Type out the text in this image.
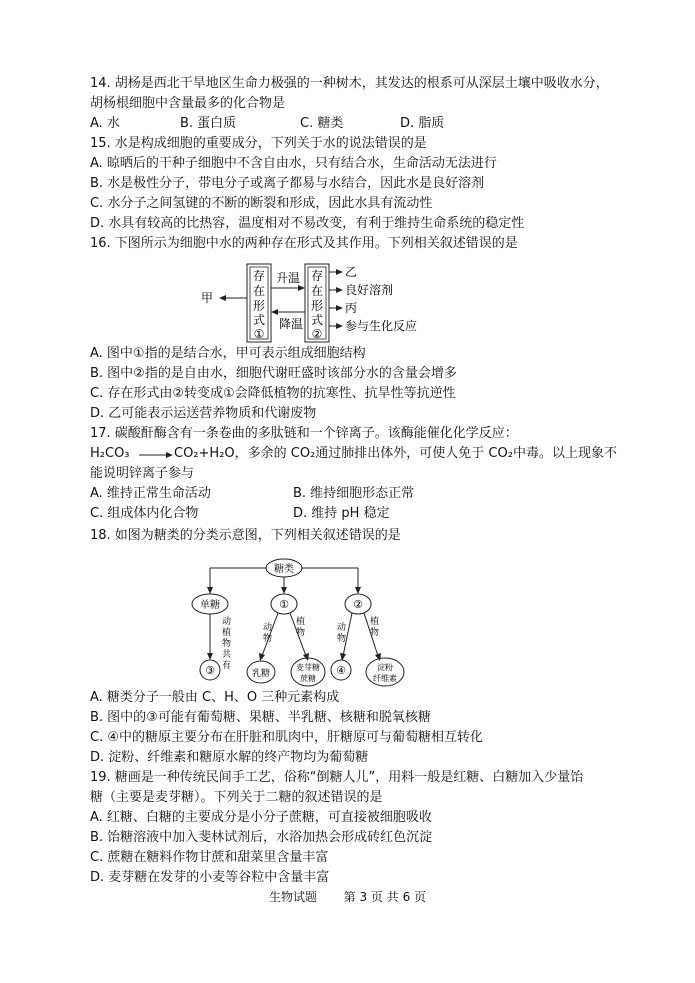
14. 胡杨是西北干旱地区生命力极强的一种树木，其发达的根系可从深层土壤中吸收水分，
胡杨根细胞中含量最多的化合物是
A. 水	B. 蛋白质	C. 糖类	D. 脂质
15. 水是构成细胞的重要成分，下列关于水的说法错误的是
A. 晾晒后的干种子细胞中不含自由水，只有结合水，生命活动无法进行
B. 水是极性分子，带电分子或离子都易与水结合，因此水是良好溶剂
C. 水分子之间氢键的不断的断裂和形成，因此水具有流动性
D. 水具有较高的比热容，温度相对不易改变，有利于维持生命系统的稳定性
16. 下图所示为细胞中水的两种存在形式及其作用。下列相关叙述错误的是
存
在
形
式
①
存
在
形
式
②
升温
降温
甲
乙
良好溶剂
丙
参与生化反应
A. 图中①指的是结合水，甲可表示组成细胞结构
B. 图中②指的是自由水，细胞代谢旺盛时该部分水的含量会增多
C. 存在形式由②转变成①会降低植物的抗寒性、抗旱性等抗逆性
D. 乙可能表示运送营养物质和代谢废物
17. 碳酸酐酶含有一条卷曲的多肽链和一个锌离子。该酶能催化化学反应：
H₂CO₃ → CO₂+H₂O，多余的 CO₂通过肺排出体外，可使人免于 CO₂中毒。以上现象不
能说明锌离子参与
A. 维持正常生命活动	B. 维持细胞形态正常
C. 组成体内化合物	D. 维持 pH 稳定
18. 如图为糖类的分类示意图，下列相关叙述错误的是
糖类
单糖	①	②
动
植
物
共
有
③
动
物
植
物
乳糖
麦芽糖
蔗糖
动
物
植
物
④	淀粉
纤维素
A. 糖类分子一般由 C、H、O 三种元素构成
B. 图中的③可能有葡萄糖、果糖、半乳糖、核糖和脱氧核糖
C. ④中的糖原主要分布在肝脏和肌肉中，肝糖原可与葡萄糖相互转化
D. 淀粉、纤维素和糖原水解的终产物均为葡萄糖
19. 糖画是一种传统民间手工艺，俗称“倒糖人儿”，用料一般是红糖、白糖加入少量饴
糖（主要是麦芽糖）。下列关于二糖的叙述错误的是
A. 红糖、白糖的主要成分是小分子蔗糖，可直接被细胞吸收
B. 饴糖溶液中加入斐林试剂后，水浴加热会形成砖红色沉淀
C. 蔗糖在糖料作物甘蔗和甜菜里含量丰富
D. 麦芽糖在发芽的小麦等谷粒中含量丰富
生物试题       第 3 页 共 6 页
